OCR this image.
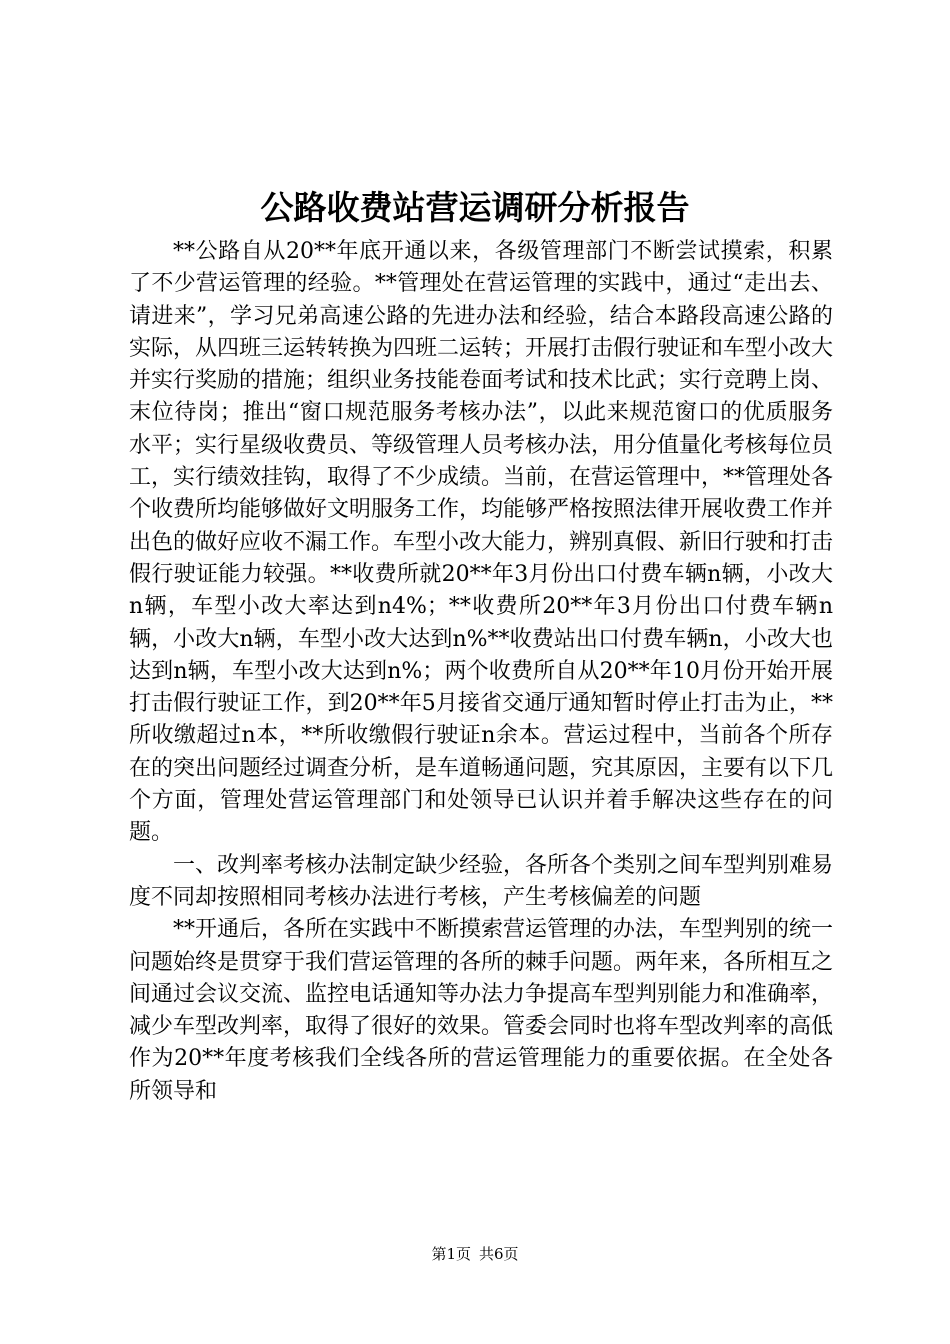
公路收费站营运调研分析报告

**公路自从20**年底开通以来，各级管理部门不断尝试摸索，积累了不少营运管理的经验。**管理处在营运管理的实践中，通过“走出去、请进来”，学习兄弟高速公路的先进办法和经验，结合本路段高速公路的实际，从四班三运转转换为四班二运转；开展打击假行驶证和车型小改大并实行奖励的措施；组织业务技能卷面考试和技术比武；实行竞聘上岗、末位待岗；推出“窗口规范服务考核办法”，以此来规范窗口的优质服务水平；实行星级收费员、等级管理人员考核办法，用分值量化考核每位员工，实行绩效挂钩，取得了不少成绩。当前，在营运管理中，**管理处各个收费所均能够做好文明服务工作，均能够严格按照法律开展收费工作并出色的做好应收不漏工作。车型小改大能力，辨别真假、新旧行驶和打击假行驶证能力较强。**收费所就20**年3月份出口付费车辆n辆，小改大n辆，车型小改大率达到n4%；**收费所20**年3月份出口付费车辆n辆，小改大n辆，车型小改大达到n%**收费站出口付费车辆n，小改大也达到n辆，车型小改大达到n%；两个收费所自从20**年10月份开始开展打击假行驶证工作，到20**年5月接省交通厅通知暂时停止打击为止，**所收缴超过n本，**所收缴假行驶证n余本。营运过程中，当前各个所存在的突出问题经过调查分析，是车道畅通问题，究其原因，主要有以下几个方面，管理处营运管理部门和处领导已认识并着手解决这些存在的问题。

一、改判率考核办法制定缺少经验，各所各个类别之间车型判别难易度不同却按照相同考核办法进行考核，产生考核偏差的问题

**开通后，各所在实践中不断摸索营运管理的办法，车型判别的统一问题始终是贯穿于我们营运管理的各所的棘手问题。两年来，各所相互之间通过会议交流、监控电话通知等办法力争提高车型判别能力和准确率，减少车型改判率，取得了很好的效果。管委会同时也将车型改判率的高低作为20**年度考核我们全线各所的营运管理能力的重要依据。在全处各所领导和

第1页 共6页
